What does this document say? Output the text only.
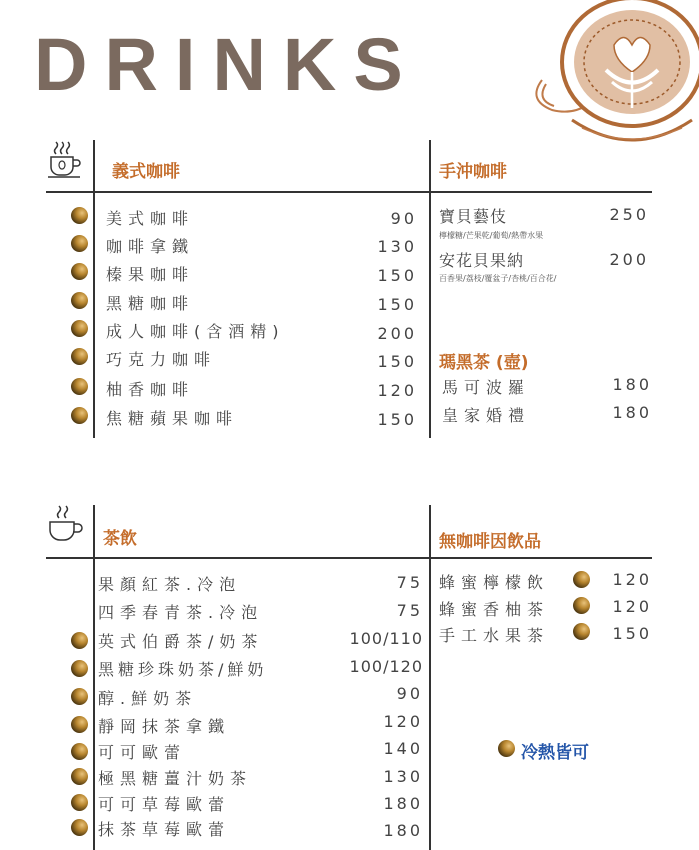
DRINKS
義式咖啡	手沖咖啡
美式咖啡	90
咖啡拿鐵	130
榛果咖啡	150
黑糖咖啡	150
成人咖啡(含酒精)	200
巧克力咖啡	150
柚香咖啡	120
焦糖蘋果咖啡	150
寶貝藝伎	250
檸檬糖/芒果乾/葡萄/熱帶水果
安花貝果納	200
百香果/荔枝/覆盆子/杏桃/百合花/
瑪黑茶 (壺)
馬可波羅	180
皇家婚禮	180
茶飲	無咖啡因飲品
果顏紅茶.冷泡	75
四季春青茶.冷泡	75
英式伯爵茶/奶茶	100/110
黑糖珍珠奶茶/鮮奶	100/120
醇.鮮奶茶	90
靜岡抹茶拿鐵	120
可可歐蕾	140
極黑糖薑汁奶茶	130
可可草莓歐蕾	180
抹茶草莓歐蕾	180
蜂蜜檸檬飲	120
蜂蜜香柚茶	120
手工水果茶	150
冷熱皆可
